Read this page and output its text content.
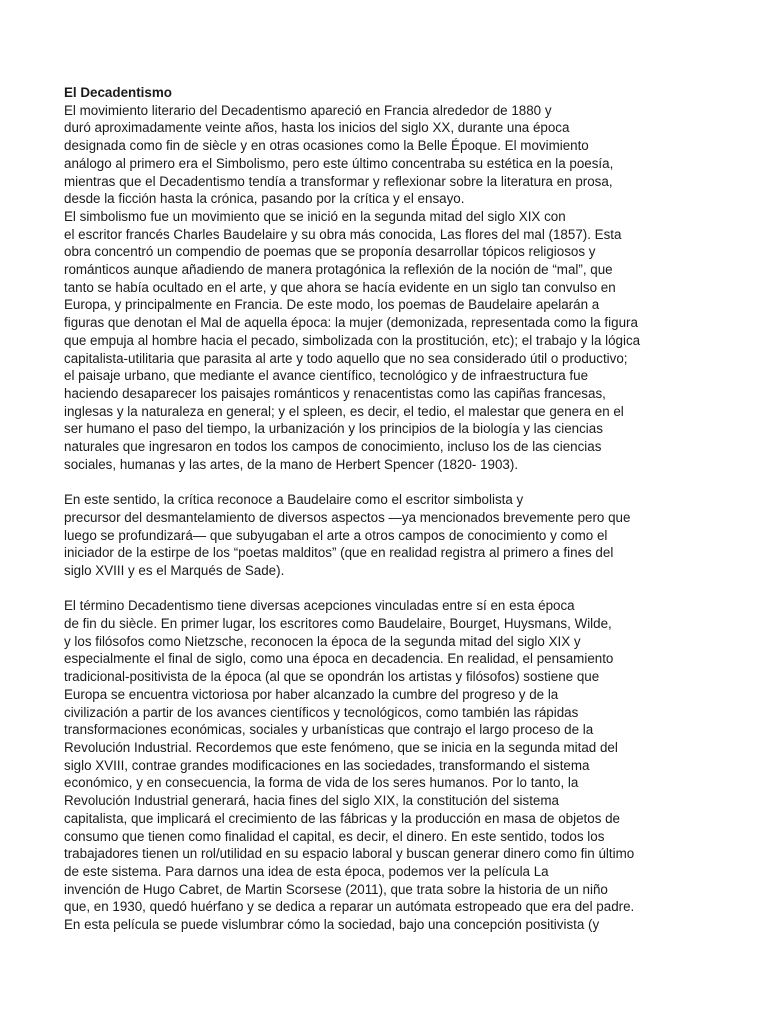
El Decadentismo
El movimiento literario del Decadentismo apareció en Francia alrededor de 1880 y
duró aproximadamente veinte años, hasta los inicios del siglo XX, durante una época
designada como fin de siècle y en otras ocasiones como la Belle Époque. El movimiento
análogo al primero era el Simbolismo, pero este último concentraba su estética en la poesía,
mientras que el Decadentismo tendía a transformar y reflexionar sobre la literatura en prosa,
desde la ficción hasta la crónica, pasando por la crítica y el ensayo.
El simbolismo fue un movimiento que se inició en la segunda mitad del siglo XIX con
el escritor francés Charles Baudelaire y su obra más conocida, Las flores del mal (1857). Esta
obra concentró un compendio de poemas que se proponía desarrollar tópicos religiosos y
románticos aunque añadiendo de manera protagónica la reflexión de la noción de “mal”, que
tanto se había ocultado en el arte, y que ahora se hacía evidente en un siglo tan convulso en
Europa, y principalmente en Francia. De este modo, los poemas de Baudelaire apelarán a
figuras que denotan el Mal de aquella época: la mujer (demonizada, representada como la figura
que empuja al hombre hacia el pecado, simbolizada con la prostitución, etc); el trabajo y la lógica
capitalista-utilitaria que parasita al arte y todo aquello que no sea considerado útil o productivo;
el paisaje urbano, que mediante el avance científico, tecnológico y de infraestructura fue
haciendo desaparecer los paisajes románticos y renacentistas como las capiñas francesas,
inglesas y la naturaleza en general; y el spleen, es decir, el tedio, el malestar que genera en el
ser humano el paso del tiempo, la urbanización y los principios de la biología y las ciencias
naturales que ingresaron en todos los campos de conocimiento, incluso los de las ciencias
sociales, humanas y las artes, de la mano de Herbert Spencer (1820- 1903).
En este sentido, la crítica reconoce a Baudelaire como el escritor simbolista y
precursor del desmantelamiento de diversos aspectos —ya mencionados brevemente pero que
luego se profundizará— que subyugaban el arte a otros campos de conocimiento y como el
iniciador de la estirpe de los “poetas malditos” (que en realidad registra al primero a fines del
siglo XVIII y es el Marqués de Sade).
El término Decadentismo tiene diversas acepciones vinculadas entre sí en esta época
de fin du siècle. En primer lugar, los escritores como Baudelaire, Bourget, Huysmans, Wilde,
y los filósofos como Nietzsche, reconocen la época de la segunda mitad del siglo XIX y
especialmente el final de siglo, como una época en decadencia. En realidad, el pensamiento
tradicional-positivista de la época (al que se opondrán los artistas y filósofos) sostiene que
Europa se encuentra victoriosa por haber alcanzado la cumbre del progreso y de la
civilización a partir de los avances científicos y tecnológicos, como también las rápidas
transformaciones económicas, sociales y urbanísticas que contrajo el largo proceso de la
Revolución Industrial. Recordemos que este fenómeno, que se inicia en la segunda mitad del
siglo XVIII, contrae grandes modificaciones en las sociedades, transformando el sistema
económico, y en consecuencia, la forma de vida de los seres humanos. Por lo tanto, la
Revolución Industrial generará, hacia fines del siglo XIX, la constitución del sistema
capitalista, que implicará el crecimiento de las fábricas y la producción en masa de objetos de
consumo que tienen como finalidad el capital, es decir, el dinero. En este sentido, todos los
trabajadores tienen un rol/utilidad en su espacio laboral y buscan generar dinero como fin último
de este sistema. Para darnos una idea de esta época, podemos ver la película La
invención de Hugo Cabret, de Martin Scorsese (2011), que trata sobre la historia de un niño
que, en 1930, quedó huérfano y se dedica a reparar un autómata estropeado que era del padre.
En esta película se puede vislumbrar cómo la sociedad, bajo una concepción positivista (y
